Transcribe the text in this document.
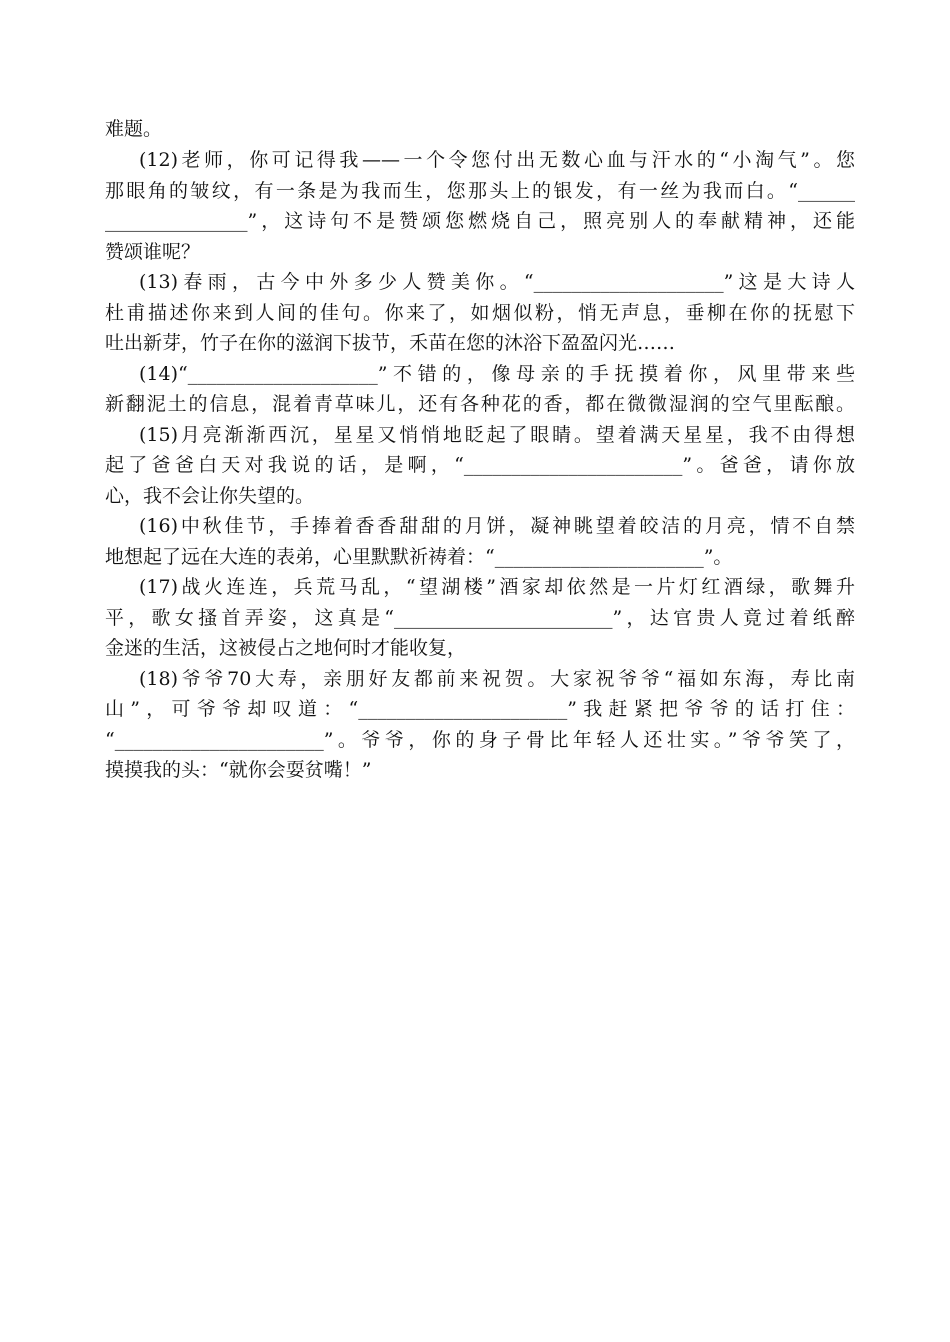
难题。
(12)老师，你可记得我——一个令您付出无数心血与汗水的“小淘气”。您
那眼角的皱纹，有一条是为我而生，您那头上的银发，有一丝为我而白。“______
_______________”，这诗句不是赞颂您燃烧自己，照亮别人的奉献精神，还能
赞颂谁呢？
(13)春雨，古今中外多少人赞美你。“____________________”这是大诗人
杜甫描述你来到人间的佳句。你来了，如烟似粉，悄无声息，垂柳在你的抚慰下
吐出新芽，竹子在你的滋润下拔节，禾苗在您的沐浴下盈盈闪光……
(14)“____________________”不错的，像母亲的手抚摸着你，风里带来些
新翻泥土的信息，混着青草味儿，还有各种花的香，都在微微湿润的空气里酝酿。
(15)月亮渐渐西沉，星星又悄悄地眨起了眼睛。望着满天星星，我不由得想
起了爸爸白天对我说的话，是啊，“_______________________”。爸爸，请你放
心，我不会让你失望的。
(16)中秋佳节，手捧着香香甜甜的月饼，凝神眺望着皎洁的月亮，情不自禁
地想起了远在大连的表弟，心里默默祈祷着：“______________________”。
(17)战火连连，兵荒马乱，“望湖楼”酒家却依然是一片灯红酒绿，歌舞升
平，歌女搔首弄姿，这真是“_______________________”，达官贵人竟过着纸醉
金迷的生活，这被侵占之地何时才能收复，
(18)爷爷70大寿，亲朋好友都前来祝贺。大家祝爷爷“福如东海，寿比南
山”，可爷爷却叹道：“______________________”我赶紧把爷爷的话打住：
“______________________”。爷爷，你的身子骨比年轻人还壮实。”爷爷笑了，
摸摸我的头：“就你会耍贫嘴！”
